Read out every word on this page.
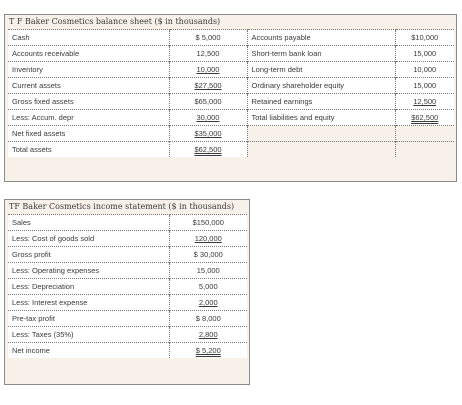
T F Baker Cosmetics balance sheet ($ in thousands)
Cash	$ 5,000	Accounts payable	$10,000
Accounts receivable	12,500	Short-term bank loan	15,000
Inventory	10,000	Long-term debt	10,000
Current assets	$27,500	Ordinary shareholder equity	15,000
Gross fixed assets	$65,000	Retained earnings	12,500
Less: Accum. depr	30,000	Total liabilities and equity	$62,500
Net fixed assets	$35,000		
Total assets	$62,500		
TF Baker Cosmetics income statement ($ in thousands)
Sales	$150,000
Less: Cost of goods sold	120,000
Gross profit	$ 30,000
Less: Operating expenses	15,000
Less: Depreciation	5,000
Less: Interest expense	2,000
Pre-tax profit	$ 8,000
Less: Taxes (35%)	2,800
Net income	$ 5,200
